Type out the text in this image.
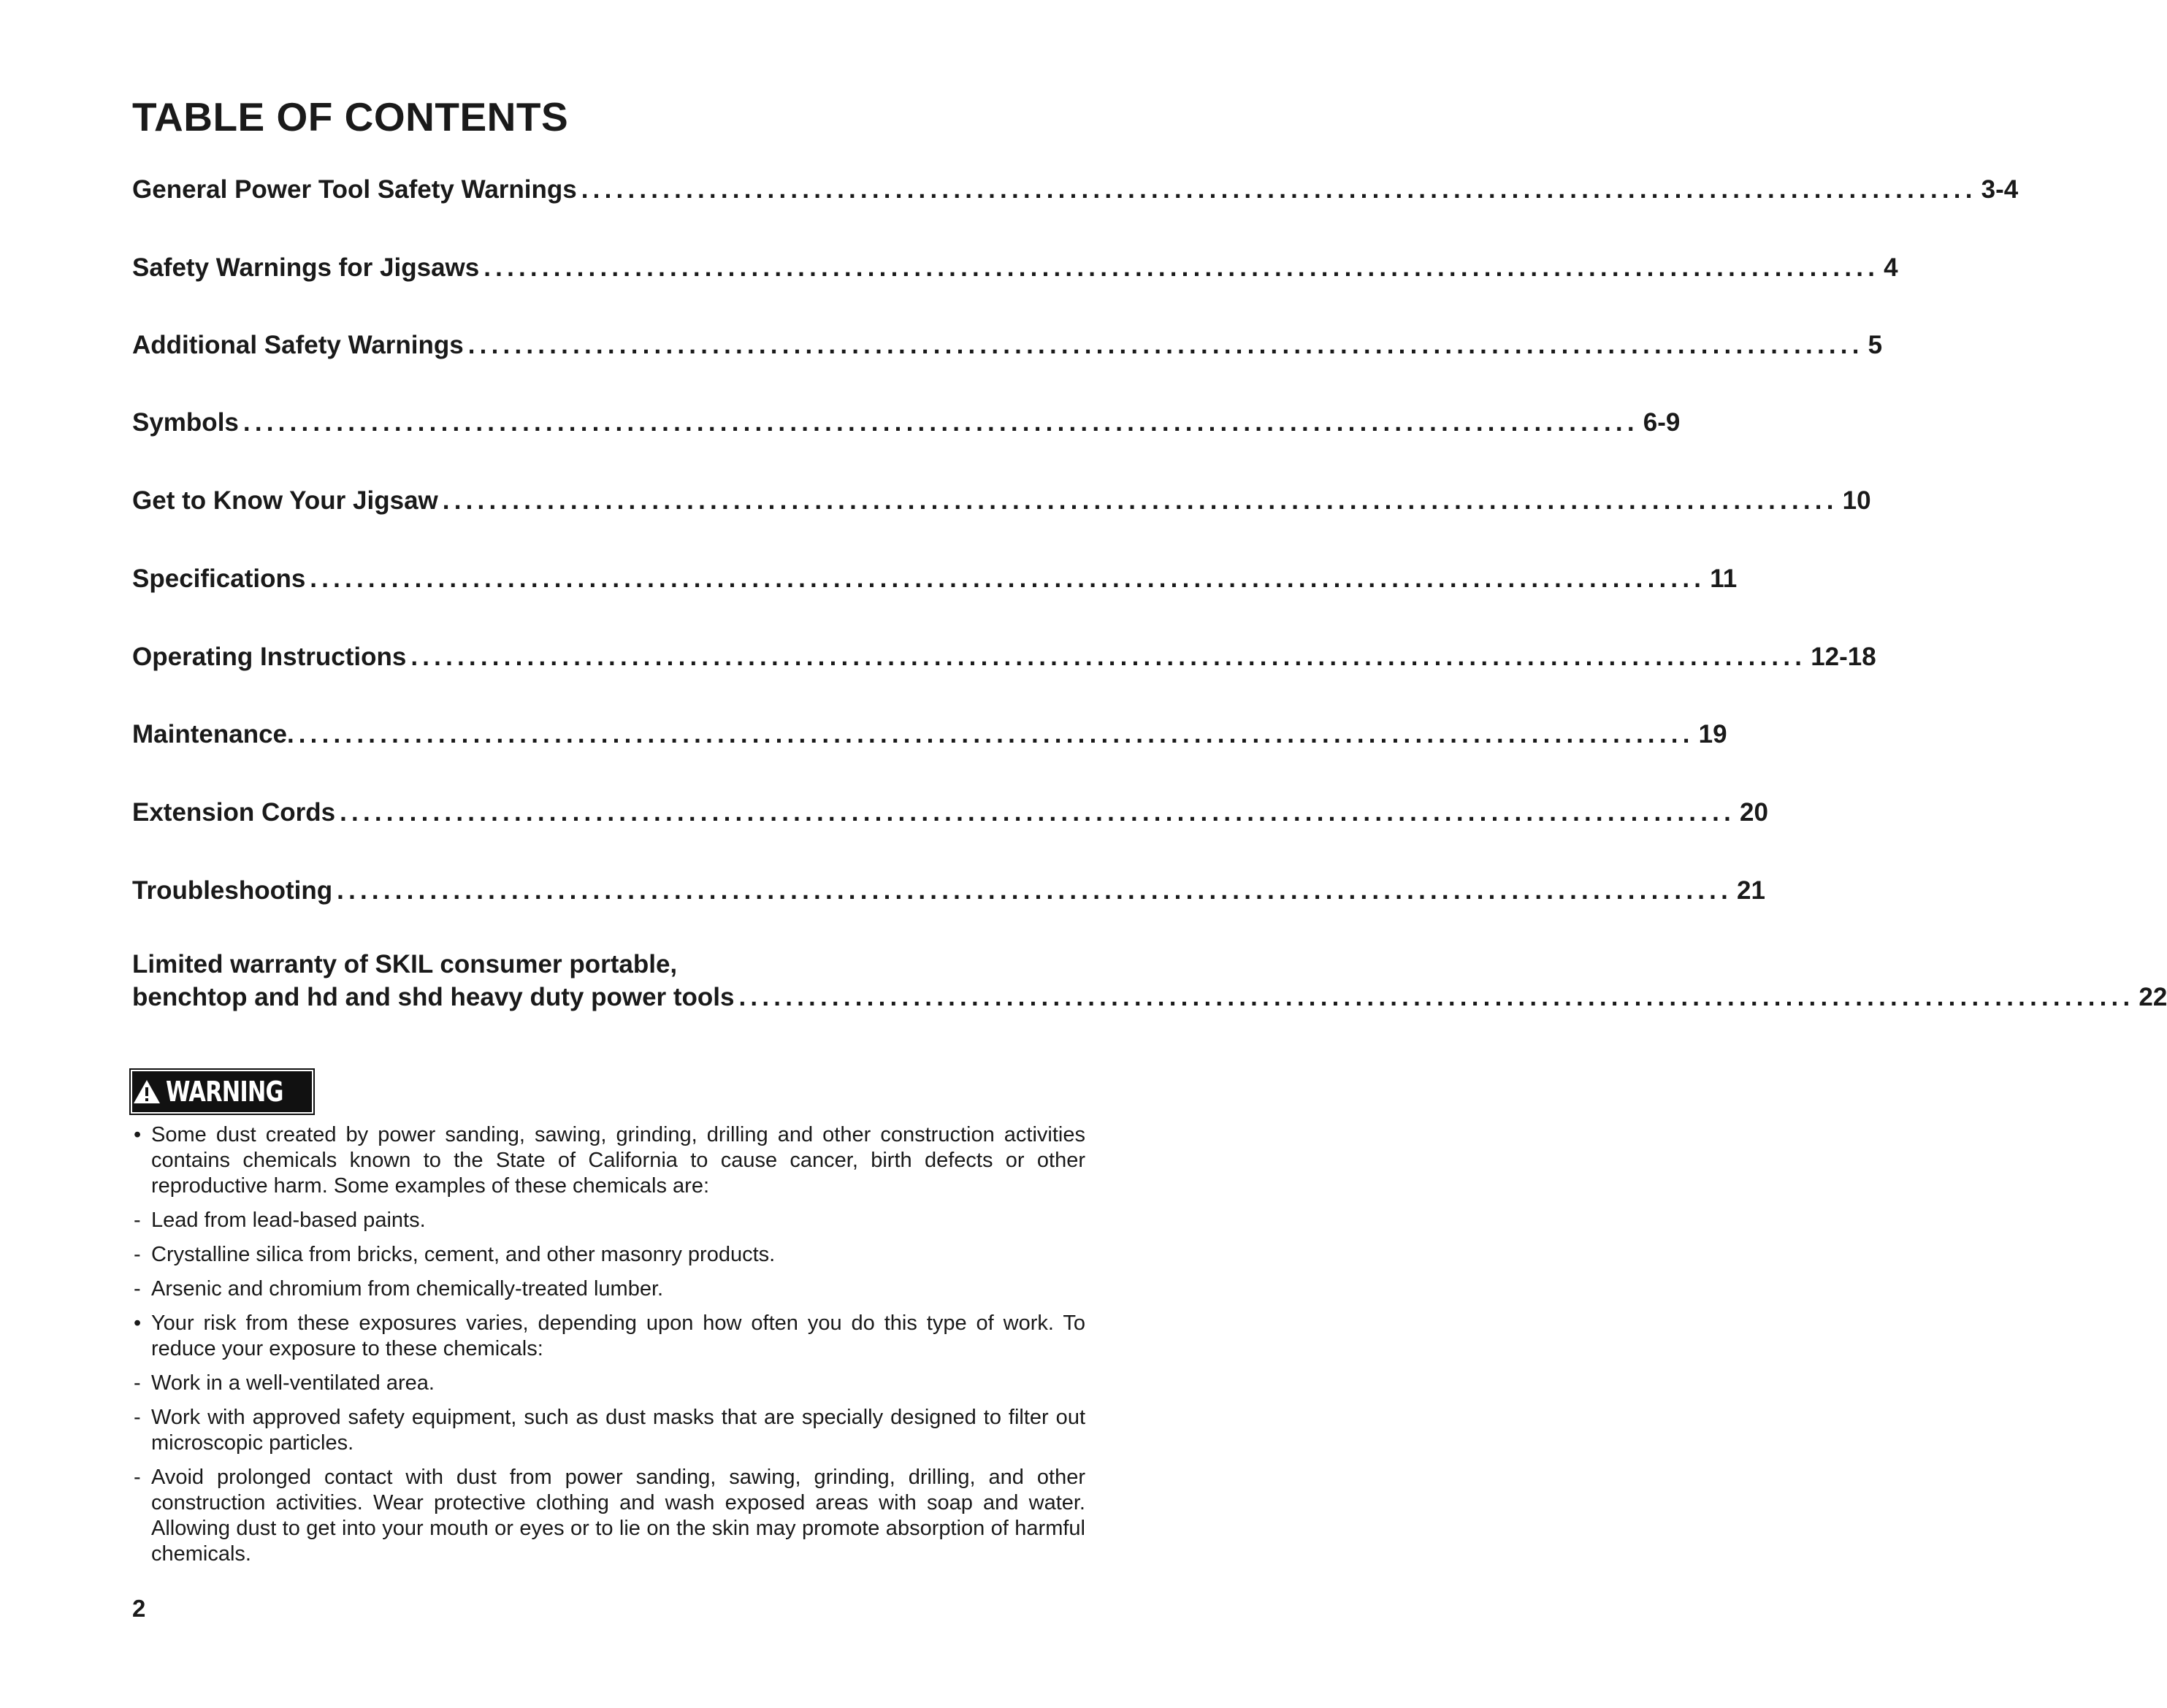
TABLE OF CONTENTS
General Power Tool Safety Warnings ........................................................................................................................ 3-4
Safety Warnings for Jigsaws ........................................................................................................................ 4
Additional Safety Warnings ........................................................................................................................ 5
Symbols ........................................................................................................................ 6-9
Get to Know Your Jigsaw ........................................................................................................................ 10
Specifications ........................................................................................................................ 11
Operating Instructions ........................................................................................................................ 12-18
Maintenance. ........................................................................................................................ 19
Extension Cords ........................................................................................................................ 20
Troubleshooting ........................................................................................................................ 21
Limited warranty of SKIL consumer portable,
benchtop and hd and shd heavy duty power tools ........................................................................................................................ 22
WARNING
• Some dust created by power sanding, sawing, grinding, drilling and other construction activities contains chemicals known to the State of California to cause cancer, birth defects or other reproductive harm. Some examples of these chemicals are:
- Lead from lead-based paints.
- Crystalline silica from bricks, cement, and other masonry products.
- Arsenic and chromium from chemically-treated lumber.
• Your risk from these exposures varies, depending upon how often you do this type of work. To reduce your exposure to these chemicals:
- Work in a well-ventilated area.
- Work with approved safety equipment, such as dust masks that are specially designed to filter out microscopic particles.
- Avoid prolonged contact with dust from power sanding, sawing, grinding, drilling, and other construction activities. Wear protective clothing and wash exposed areas with soap and water. Allowing dust to get into your mouth or eyes or to lie on the skin may promote absorption of harmful chemicals.
2
